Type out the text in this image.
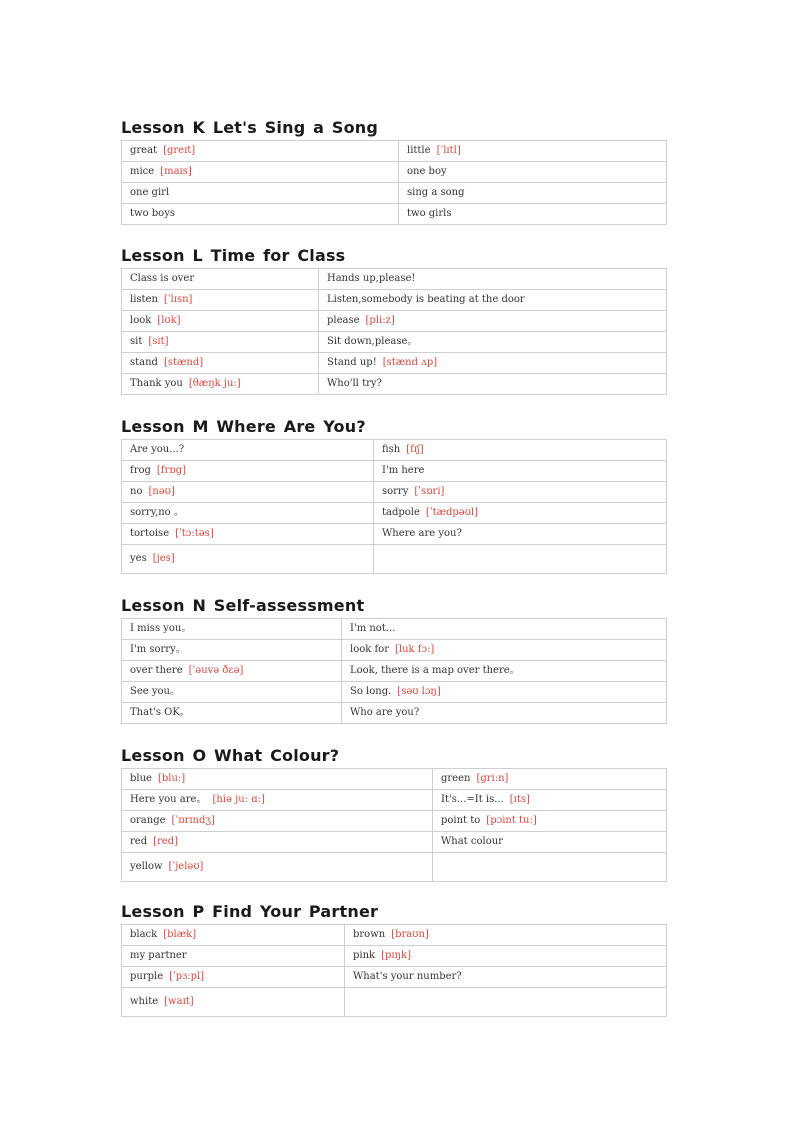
Lesson K Let's Sing a Song
great [greɪt]	little [ˈlɪtl]
mice [maɪs]	one boy
one girl	sing a song
two boys	two girls
Lesson L Time for Class
Class is over	Hands up,please!
listen [ˈlɪsn]	Listen,somebody is beating at the door
look [lʊk]	please [pli:z]
sit [sɪt]	Sit down,please。
stand [stænd]	Stand up! [stænd ʌp]
Thank you [θæŋk ju:]	Who'll try?
Lesson M Where Are You?
Are you...?	fish [fɪʃ]
frog [frɒg]	I'm here
no [nəʊ]	sorry [ˈsɒri]
sorry,no 。	tadpole [ˈtædpəʊl]
tortoise [ˈtɔ:təs]	Where are you?
yes [jes]	
Lesson N Self-assessment
I miss you。	I'm not...
I'm sorry。	look for [luk fɔ:]
over there [ˈəuvə ðɛə]	Look, there is a map over there。
See you。	So long. [səʊ lɔŋ]
That's OK。	Who are you?
Lesson O What Colour?
blue [blu:]	green [gri:n]
Here you are。 [hiə ju: ɑ:]	It's...=It is... [ɪts]
orange [ˈɒrɪndʒ]	point to [pɔint tu:]
red [red]	What colour
yellow [ˈjeləʊ]	
Lesson P Find Your Partner
black [blæk]	brown [braʊn]
my partner	pink [pɪŋk]
purple [ˈpɜ:pl]	What's your number?
white [waɪt]	
